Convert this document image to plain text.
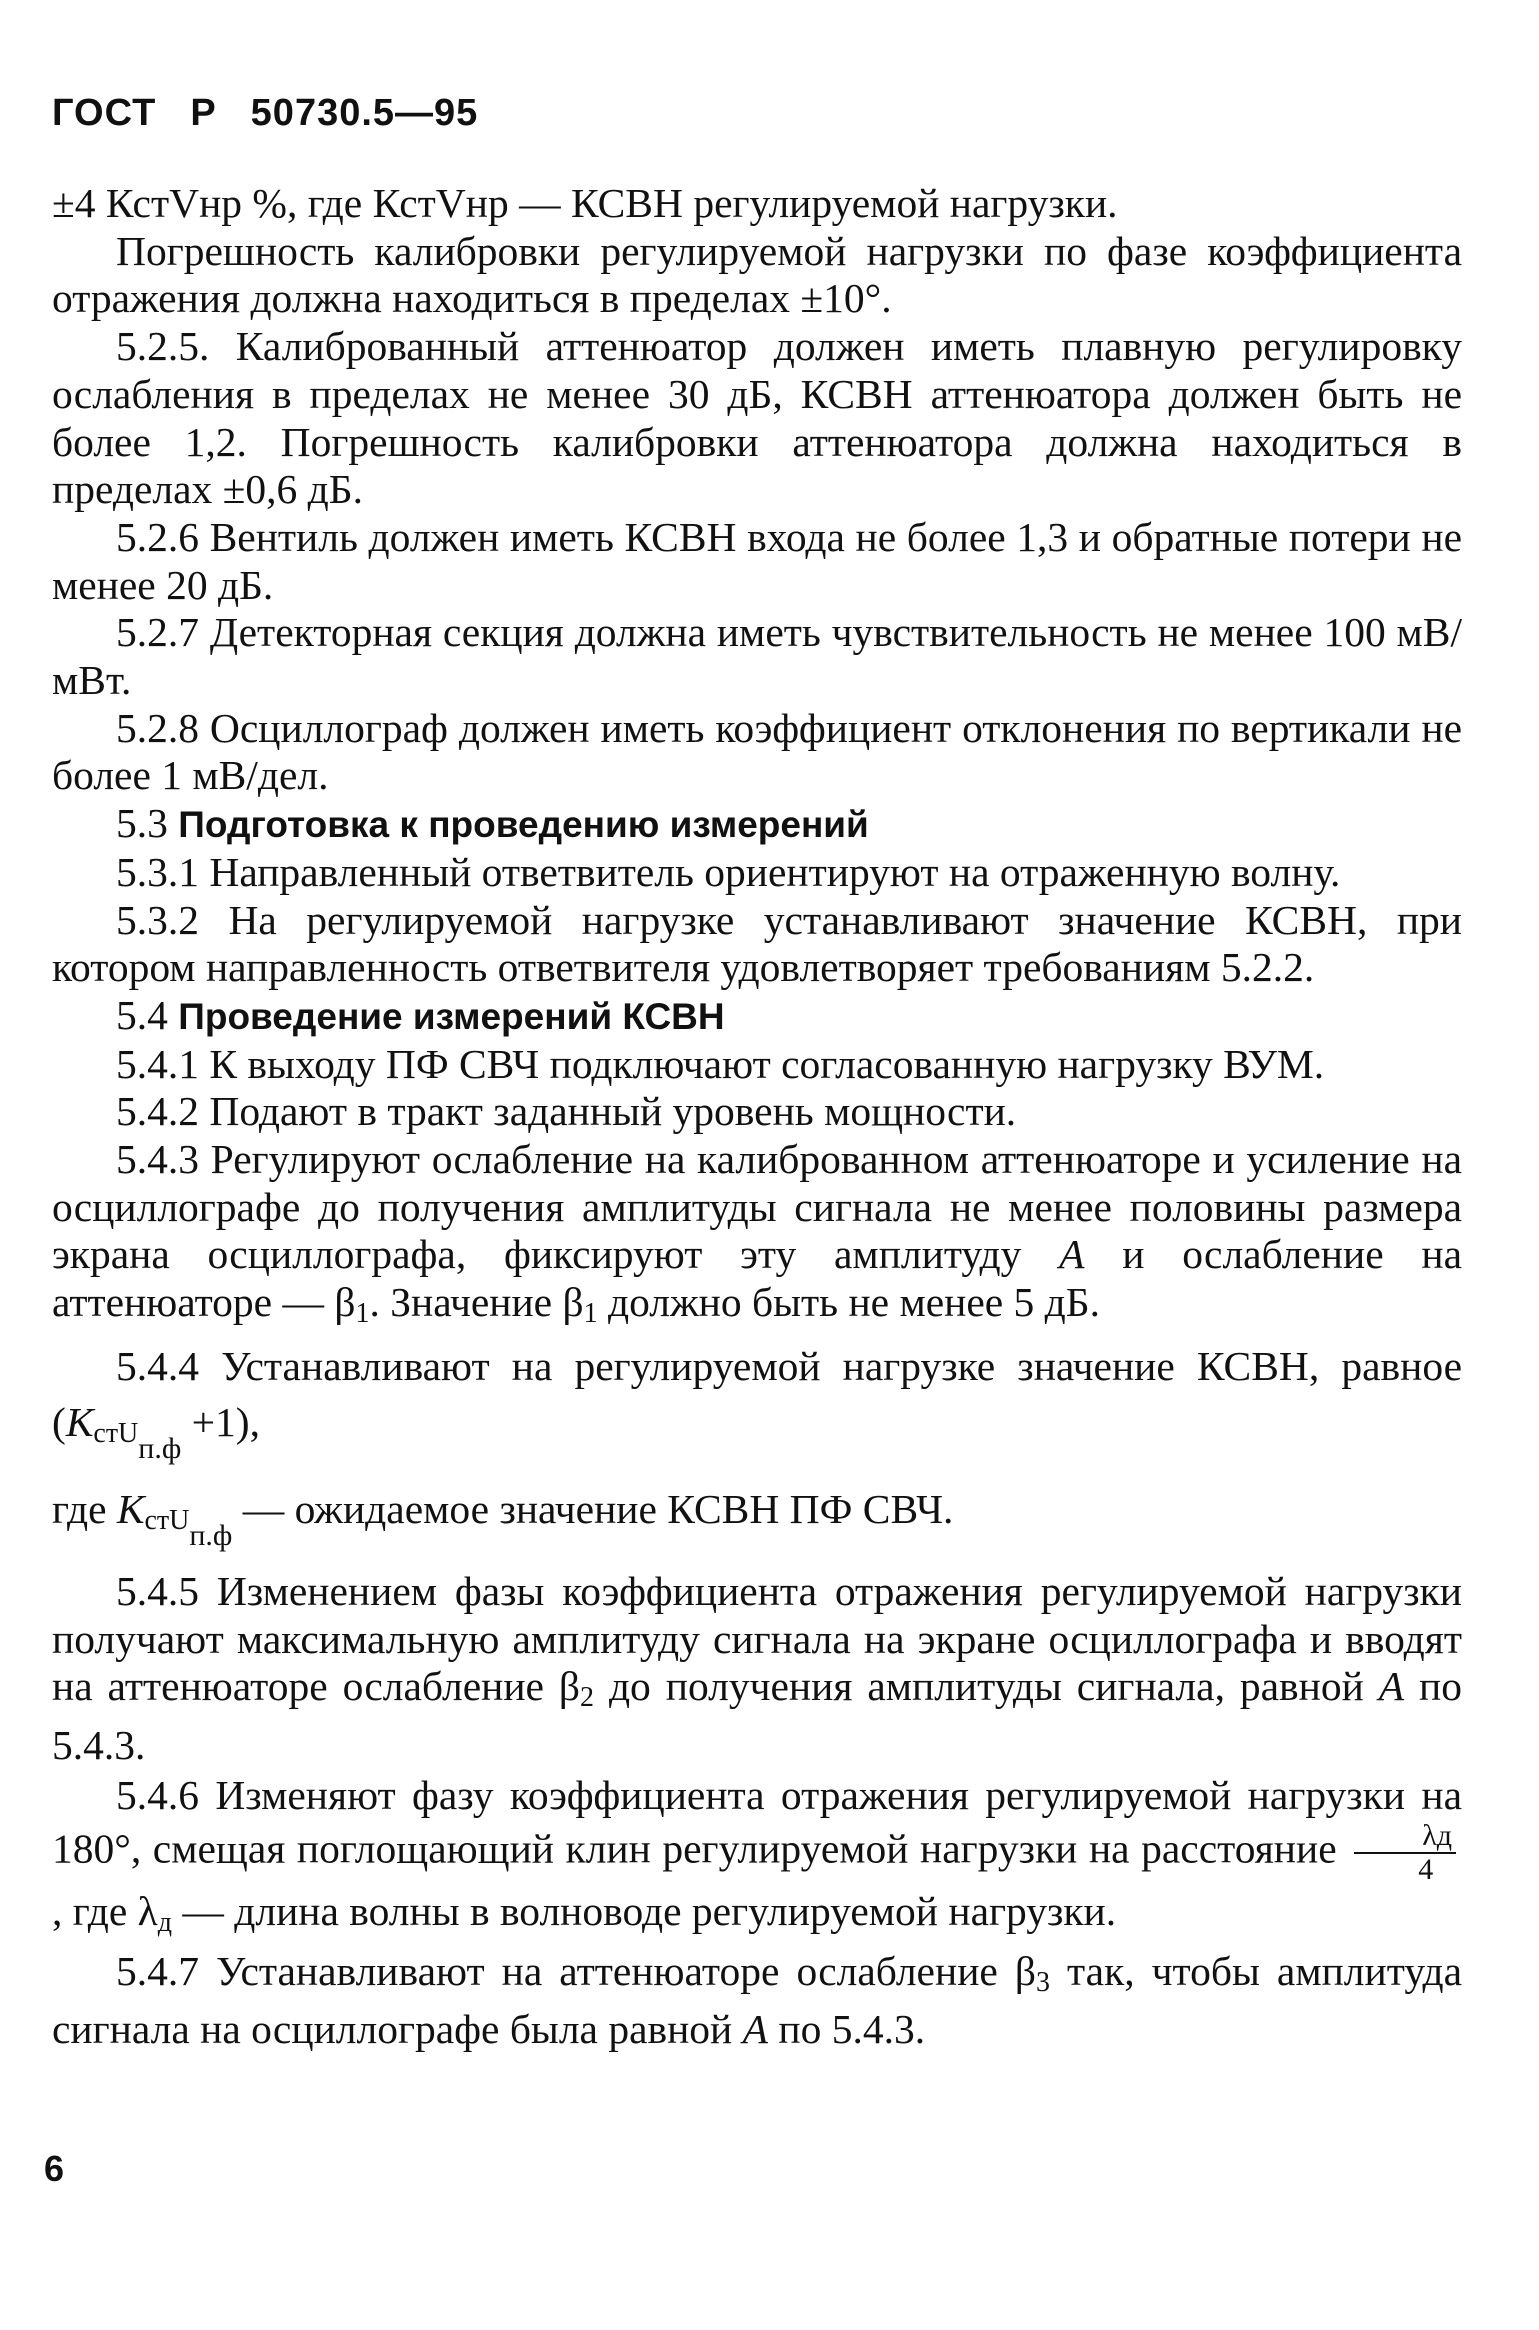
ГОСТ Р 50730.5—95

±4 КстVнр %, где КстVнр — КСВН регулируемой нагрузки.

Погрешность калибровки регулируемой нагрузки по фазе коэффициента отражения должна находиться в пределах ±10°.

5.2.5. Калиброванный аттенюатор должен иметь плавную регулировку ослабления в пределах не менее 30 дБ, КСВН аттенюатора должен быть не более 1,2. Погрешность калибровки аттенюатора должна находиться в пределах ±0,6 дБ.

5.2.6 Вентиль должен иметь КСВН входа не более 1,3 и обратные потери не менее 20 дБ.

5.2.7 Детекторная секция должна иметь чувствительность не менее 100 мВ/мВт.

5.2.8 Осциллограф должен иметь коэффициент отклонения по вертикали не более 1 мВ/дел.

5.3 Подготовка к проведению измерений

5.3.1 Направленный ответвитель ориентируют на отраженную волну.

5.3.2 На регулируемой нагрузке устанавливают значение КСВН, при котором направленность ответвителя удовлетворяет требованиям 5.2.2.

5.4 Проведение измерений КСВН

5.4.1 К выходу ПФ СВЧ подключают согласованную нагрузку ВУМ.

5.4.2 Подают в тракт заданный уровень мощности.

5.4.3 Регулируют ослабление на калиброванном аттенюаторе и усиление на осциллографе до получения амплитуды сигнала не менее половины размера экрана осциллографа, фиксируют эту амплитуду А и ослабление на аттенюаторе — $\beta_1$. Значение $\beta_1$ должно быть не менее 5 дБ.

5.4.4 Устанавливают на регулируемой нагрузке значение КСВН, равное $(К_{стUп.ф} +1)$,

где $К_{стUп.ф}$ — ожидаемое значение КСВН ПФ СВЧ.

5.4.5 Изменением фазы коэффициента отражения регулируемой нагрузки получают максимальную амплитуду сигнала на экране осциллографа и вводят на аттенюаторе ослабление $\beta_2$ до получения амплитуды сигнала, равной А по 5.4.3.

5.4.6 Изменяют фазу коэффициента отражения регулируемой нагрузки на 180°, смещая поглощающий клин регулируемой нагрузки на расстояние $\frac{\lambda д}{4}$
, где $\lambda_д$ — длина волны в волноводе регулируемой нагрузки.

5.4.7 Устанавливают на аттенюаторе ослабление $\beta_3$ так, чтобы амплитуда сигнала на осциллографе была равной А по 5.4.3.

6
